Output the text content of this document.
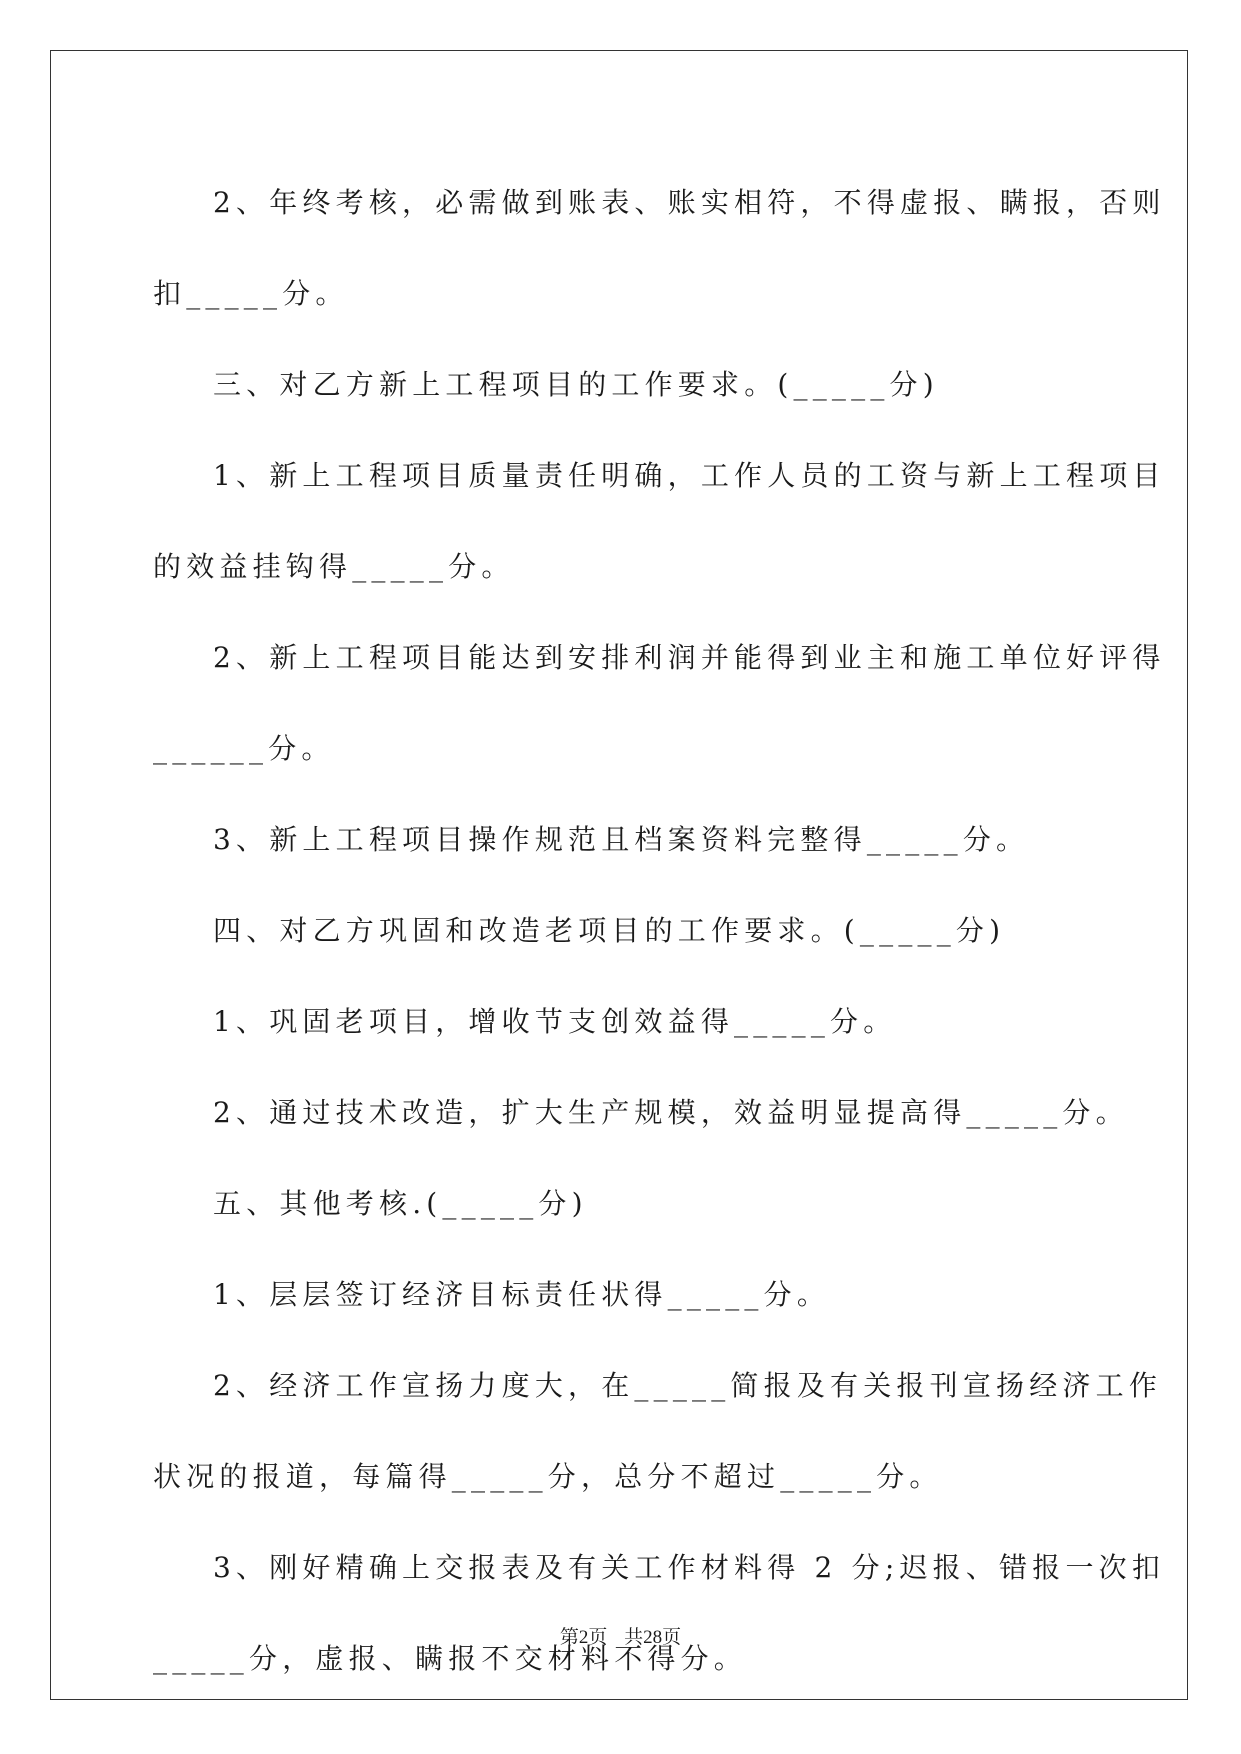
2、年终考核，必需做到账表、账实相符，不得虚报、瞒报，否则

扣_____分。

三、对乙方新上工程项目的工作要求。(_____分)

1、新上工程项目质量责任明确，工作人员的工资与新上工程项目

的效益挂钩得_____分。

2、新上工程项目能达到安排利润并能得到业主和施工单位好评得

______分。

3、新上工程项目操作规范且档案资料完整得_____分。

四、对乙方巩固和改造老项目的工作要求。(_____分)

1、巩固老项目，增收节支创效益得_____分。

2、通过技术改造，扩大生产规模，效益明显提高得_____分。

五、其他考核.(_____分)

1、层层签订经济目标责任状得_____分。

2、经济工作宣扬力度大，在_____简报及有关报刊宣扬经济工作

状况的报道，每篇得_____分，总分不超过_____分。

3、刚好精确上交报表及有关工作材料得 2 分;迟报、错报一次扣

_____分，虚报、瞒报不交材料不得分。

第2页 共28页
